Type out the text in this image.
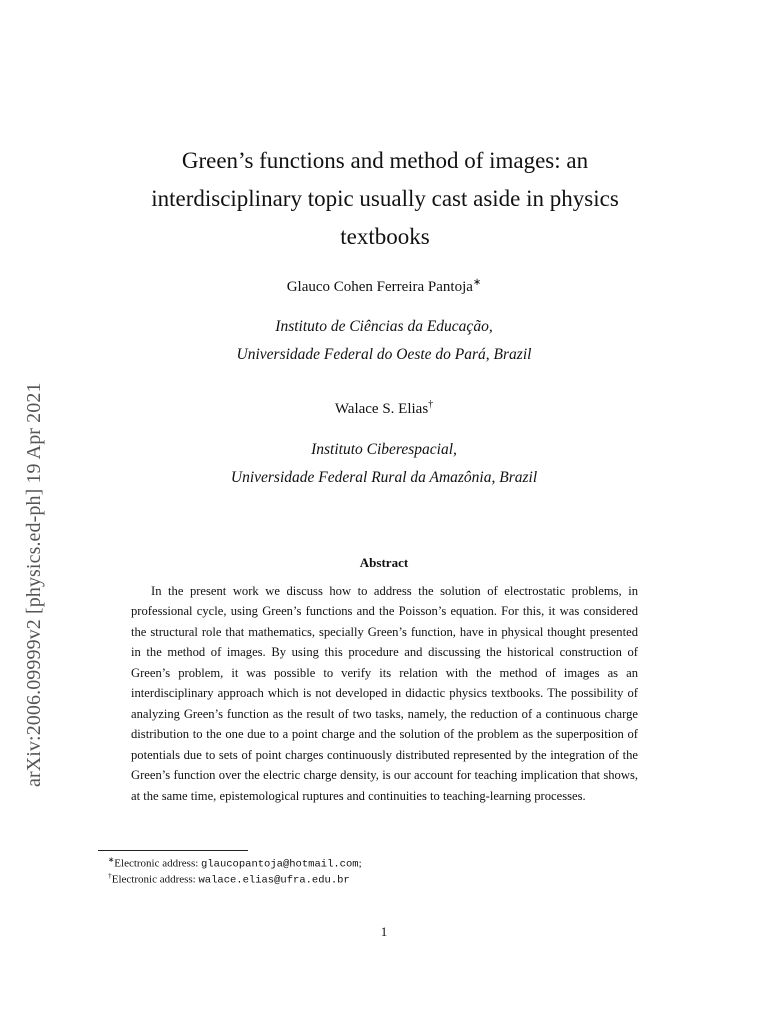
arXiv:2006.09999v2 [physics.ed-ph] 19 Apr 2021
Green’s functions and method of images: an
interdisciplinary topic usually cast aside in physics
textbooks
Glauco Cohen Ferreira Pantoja∗
Instituto de Ciências da Educação,
Universidade Federal do Oeste do Pará, Brazil
Walace S. Elias†
Instituto Ciberespacial,
Universidade Federal Rural da Amazônia, Brazil
Abstract
In the present work we discuss how to address the solution of electrostatic problems, in professional cycle, using Green’s functions and the Poisson’s equation. For this, it was considered the structural role that mathematics, specially Green’s function, have in physical thought presented in the method of images. By using this procedure and discussing the historical construction of Green’s problem, it was possible to verify its relation with the method of images as an interdisciplinary approach which is not developed in didactic physics textbooks. The possibility of analyzing Green’s function as the result of two tasks, namely, the reduction of a continuous charge distribution to the one due to a point charge and the solution of the problem as the superposition of potentials due to sets of point charges continuously distributed represented by the integration of the Green’s function over the electric charge density, is our account for teaching implication that shows, at the same time, epistemological ruptures and continuities to teaching-learning processes.
∗Electronic address: glaucopantoja@hotmail.com;
†Electronic address: walace.elias@ufra.edu.br
1
